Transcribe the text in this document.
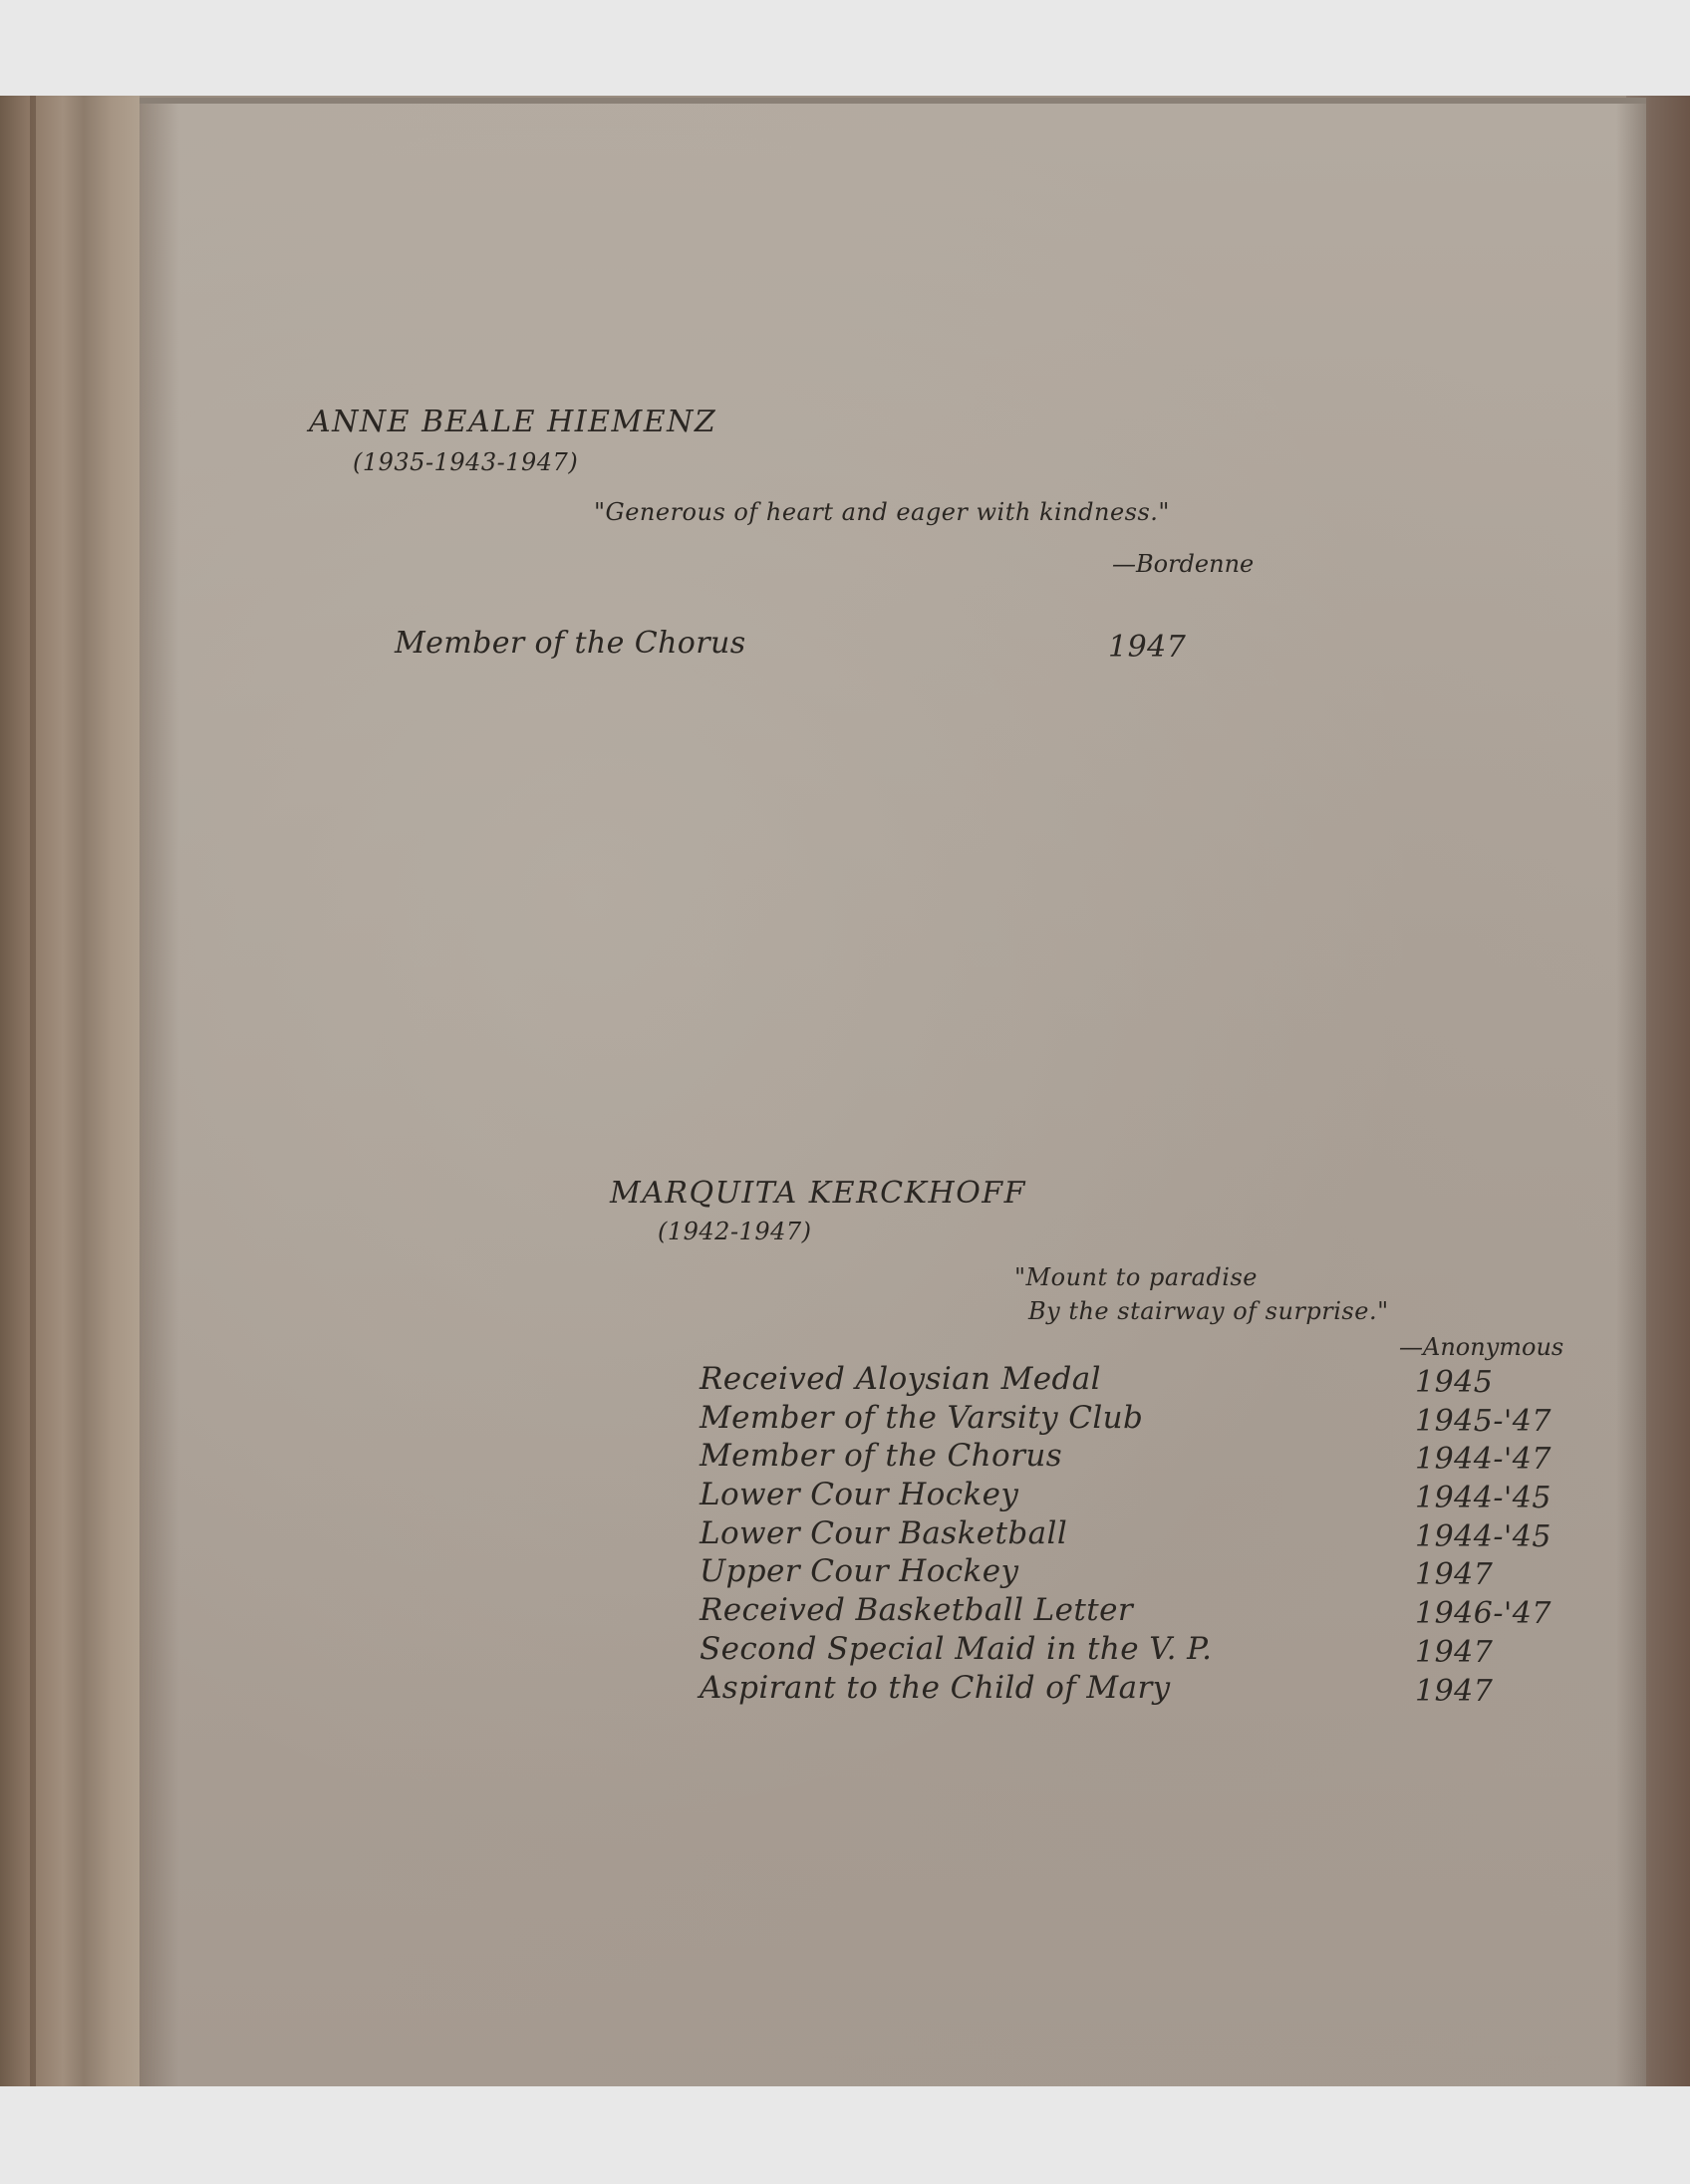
ANNE BEALE HIEMENZ
(1935-1943-1947)
"Generous of heart and eager with kindness."
—Bordenne
Member of the Chorus	1947
MARQUITA KERCKHOFF
(1942-1947)
"Mount to paradise
By the stairway of surprise."
—Anonymous
Received Aloysian Medal	1945
Member of the Varsity Club	1945-'47
Member of the Chorus	1944-'47
Lower Cour Hockey	1944-'45
Lower Cour Basketball	1944-'45
Upper Cour Hockey	1947
Received Basketball Letter	1946-'47
Second Special Maid in the V. P.	1947
Aspirant to the Child of Mary	1947
